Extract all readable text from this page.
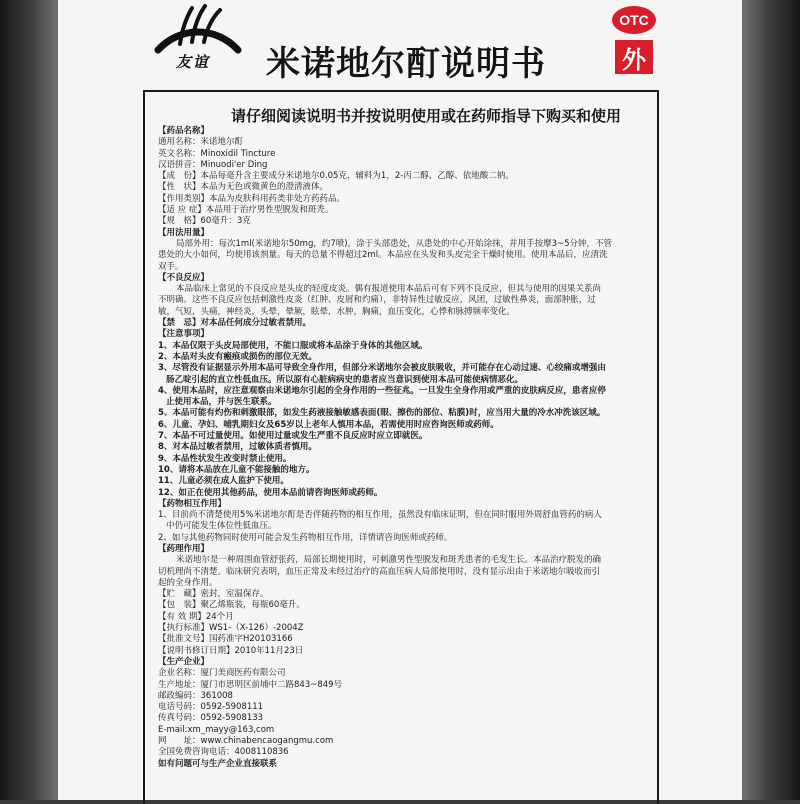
友谊
OTC
外
米诺地尔酊说明书
请仔细阅读说明书并按说明使用或在药师指导下购买和使用
【药品名称】
通用名称：米诺地尔酊
英文名称：Minoxidil Tincture
汉语拼音：Minuodi'er Ding
【成　份】本品每毫升含主要成分米诺地尔0.05克，辅料为1，2-丙二醇、乙醇、依地酸二钠。
【性　状】本品为无色或微黄色的澄清液体。
【作用类别】本品为皮肤科用药类非处方药药品。
【适 应 症】本品用于治疗男性型脱发和斑秃。
【规　格】60毫升：3克
【用法用量】
局部外用：每次1ml(米诺地尔50mg，约7喷)，涂于头部患处，从患处的中心开始涂抹，并用手按摩3~5分钟，不管
患处的大小如何，均使用该剂量。每天的总量不得超过2ml。本品应在头发和头皮完全干燥时使用。使用本品后，应清洗
双手。
【不良反应】
本品临床上常见的不良反应是头皮的轻度皮炎。偶有报道使用本品后可有下列不良反应，但其与使用的因果关系尚
不明确。这些不良反应包括刺激性皮炎（红肿、皮屑和灼痛），非特异性过敏反应，风团，过敏性鼻炎，面部肿胀，过
敏，气短，头痛，神经炎，头晕，晕厥，眩晕，水肿，胸痛，血压变化，心悸和脉搏频率变化。
【禁　忌】对本品任何成分过敏者禁用。
【注意事项】
1、本品仅限于头皮局部使用，不能口服或将本品涂于身体的其他区域。
2、本品对头皮有瘢痕或损伤的部位无效。
3、尽管没有证据显示外用本品可导致全身作用，但部分米诺地尔会被皮肤吸收，并可能存在心动过速、心绞痛或增强由
肠乙啶引起的直立性低血压。所以原有心脏病病史的患者应当意识到使用本品可能使病情恶化。
4、使用本品时，应注意观察由米诺地尔引起的全身作用的一些征兆。一旦发生全身作用或严重的皮肤病反应，患者应停
止使用本品，并与医生联系。
5、本品可能有灼伤和刺激眼部，如发生药液接触敏感表面(眼、擦伤的部位、粘膜)时，应当用大量的冷水冲洗该区域。
6、儿童、孕妇、哺乳期妇女及65岁以上老年人慎用本品，若需使用时应咨询医师或药师。
7、本品不可过量使用。如使用过量或发生严重不良反应时应立即就医。
8、对本品过敏者禁用，过敏体质者慎用。
9、本品性状发生改变时禁止使用。
10、请将本品放在儿童不能接触的地方。
11、儿童必须在成人监护下使用。
12、如正在使用其他药品，使用本品前请咨询医师或药师。
【药物相互作用】
1、目前尚不清楚使用5%米诺地尔酊是否伴随药物的相互作用，虽然没有临床证明，但在同时服用外周舒血管药的病人
中仍可能发生体位性低血压。
2、如与其他药物同时使用可能会发生药物相互作用，详情请咨询医师或药师。
【药理作用】
米诺地尔是一种周围血管舒张药，局部长期使用时，可刺激男性型脱发和斑秃患者的毛发生长。本品治疗脱发的确
切机理尚不清楚。临床研究表明，血压正常及未经过治疗的高血压病人局部使用时，没有显示出由于米诺地尔吸收而引
起的全身作用。
【贮　藏】密封，室温保存。
【包　装】聚乙烯瓶装，每瓶60毫升。
【有 效 期】24个月
【执行标准】WS1-（X-126）-2004Z
【批准文号】国药准字H20103166
【说明书修订日期】2010年11月23日
【生产企业】
企业名称：厦门美商医药有限公司
生产地址：厦门市思明区前埔中二路843~849号
邮政编码：361008
电话号码：0592-5908111
传真号码：0592-5908133
E-mail:xm_mayy@163,com
网　　址：www.chinabencaogangmu.com
全国免费咨询电话：4008110836
如有问题可与生产企业直接联系
